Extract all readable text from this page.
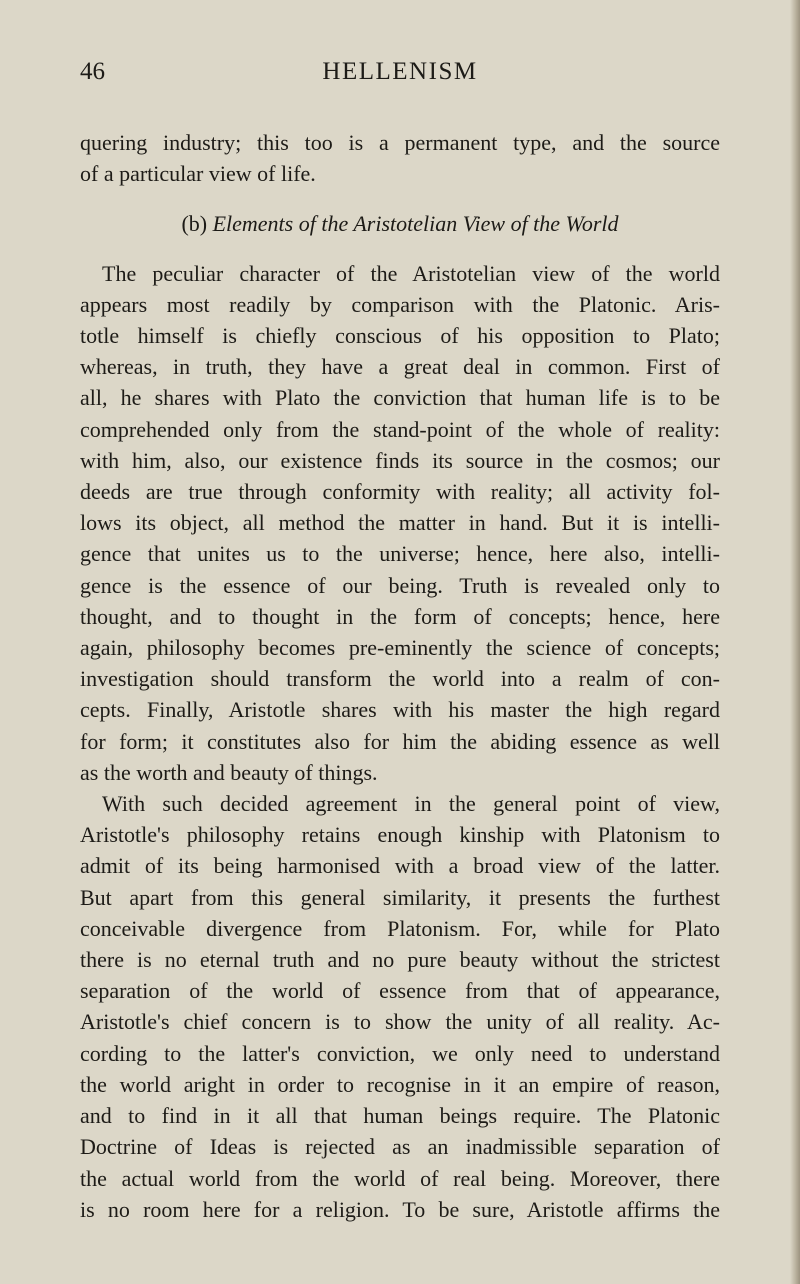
46	HELLENISM
quering industry; this too is a permanent type, and the source
of a particular view of life.
(b) Elements of the Aristotelian View of the World
The peculiar character of the Aristotelian view of the world
appears most readily by comparison with the Platonic. Aris-
totle himself is chiefly conscious of his opposition to Plato;
whereas, in truth, they have a great deal in common. First of
all, he shares with Plato the conviction that human life is to be
comprehended only from the stand-point of the whole of reality:
with him, also, our existence finds its source in the cosmos; our
deeds are true through conformity with reality; all activity fol-
lows its object, all method the matter in hand. But it is intelli-
gence that unites us to the universe; hence, here also, intelli-
gence is the essence of our being. Truth is revealed only to
thought, and to thought in the form of concepts; hence, here
again, philosophy becomes pre-eminently the science of concepts;
investigation should transform the world into a realm of con-
cepts. Finally, Aristotle shares with his master the high regard
for form; it constitutes also for him the abiding essence as well
as the worth and beauty of things.
With such decided agreement in the general point of view,
Aristotle's philosophy retains enough kinship with Platonism to
admit of its being harmonised with a broad view of the latter.
But apart from this general similarity, it presents the furthest
conceivable divergence from Platonism. For, while for Plato
there is no eternal truth and no pure beauty without the strictest
separation of the world of essence from that of appearance,
Aristotle's chief concern is to show the unity of all reality. Ac-
cording to the latter's conviction, we only need to understand
the world aright in order to recognise in it an empire of reason,
and to find in it all that human beings require. The Platonic
Doctrine of Ideas is rejected as an inadmissible separation of
the actual world from the world of real being. Moreover, there
is no room here for a religion. To be sure, Aristotle affirms the
